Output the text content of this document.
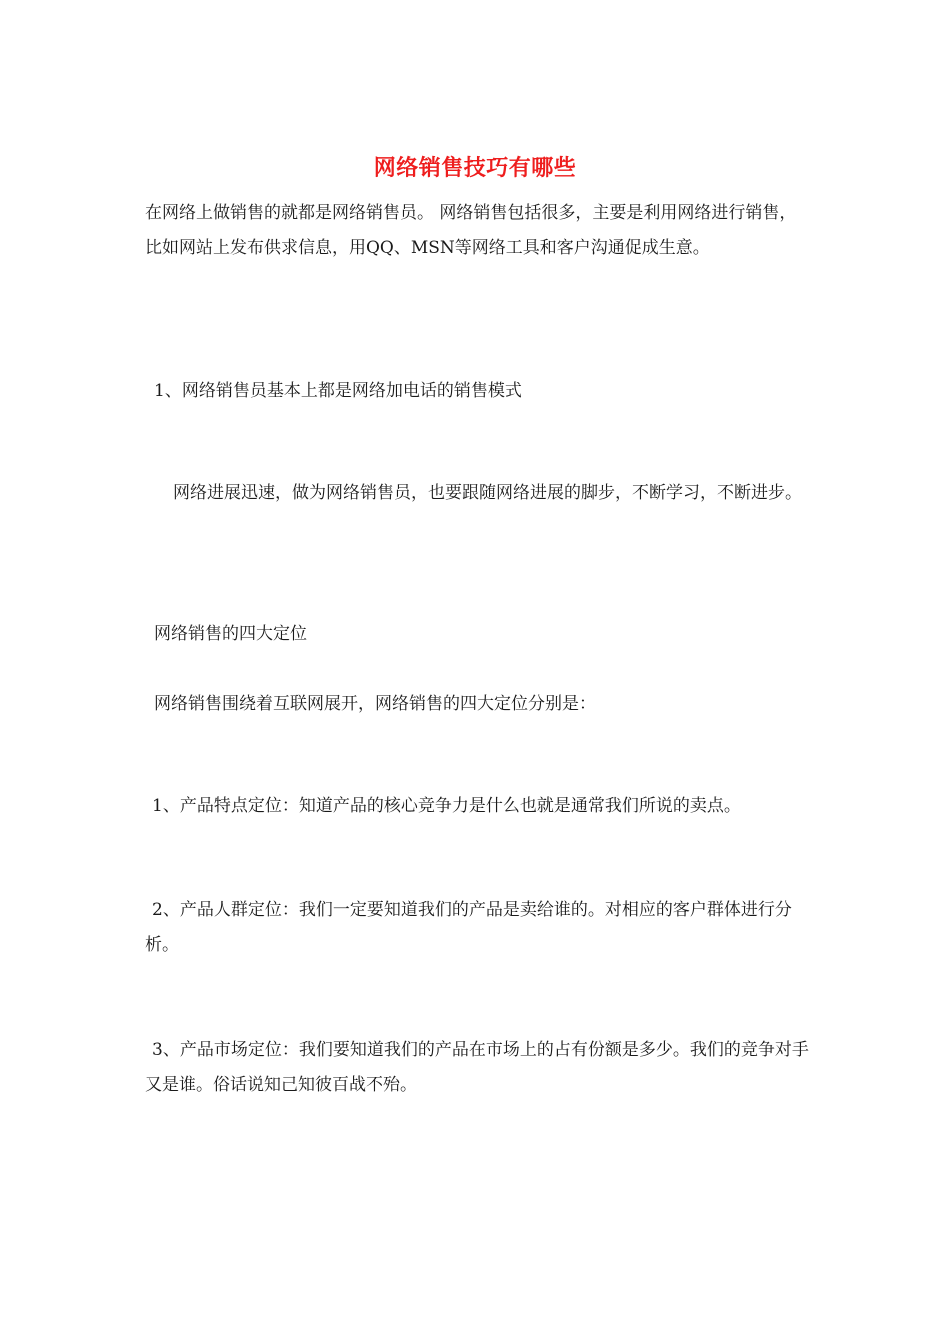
网络销售技巧有哪些

在网络上做销售的就都是网络销售员。 网络销售包括很多，主要是利用网络进行销售，比如网站上发布供求信息，用QQ、MSN等网络工具和客户沟通促成生意。

1、网络销售员基本上都是网络加电话的销售模式

网络进展迅速，做为网络销售员，也要跟随网络进展的脚步，不断学习，不断进步。

网络销售的四大定位

网络销售围绕着互联网展开，网络销售的四大定位分别是：

1、产品特点定位：知道产品的核心竞争力是什么也就是通常我们所说的卖点。

2、产品人群定位：我们一定要知道我们的产品是卖给谁的。对相应的客户群体进行分析。

3、产品市场定位：我们要知道我们的产品在市场上的占有份额是多少。我们的竞争对手又是谁。俗话说知己知彼百战不殆。
